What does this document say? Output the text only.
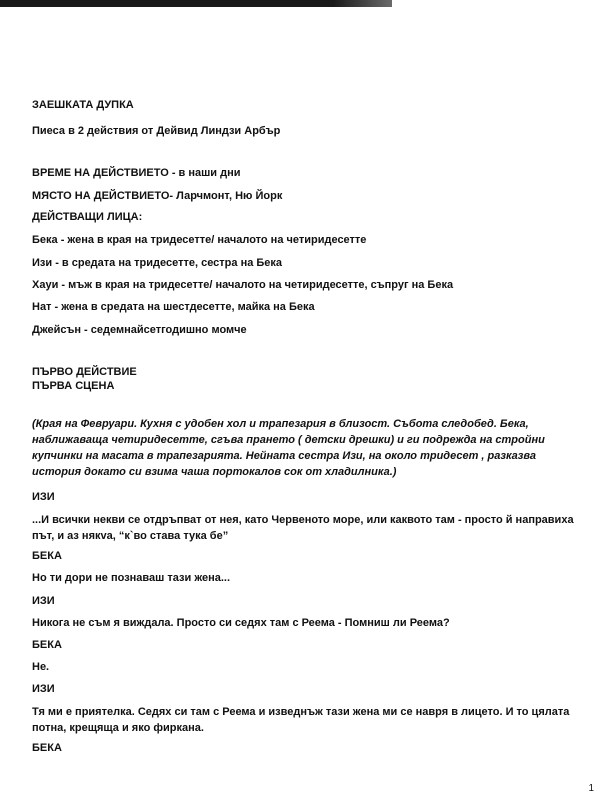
ЗАЕШКАТА ДУПКА
Пиеса в 2 действия от Дейвид Линдзи Арбър
ВРЕМЕ НА ДЕЙСТВИЕТО - в наши дни
МЯСТО НА ДЕЙСТВИЕТО- Ларчмонт, Ню Йорк
ДЕЙСТВАЩИ ЛИЦА:
Бека - жена в края на тридесетте/ началото на четиридесетте
Изи - в средата на тридесетте, сестра на Бека
Хауи - мъж в края на тридесетте/ началото на четиридесетте, съпруг на Бека
Нат - жена в средата на шестдесетте, майка на Бека
Джейсън - седемнайсетгодишно момче
ПЪРВО ДЕЙСТВИЕ
ПЪРВА СЦЕНА
(Края на Февруари. Кухня с удобен хол и трапезария в близост. Събота следобед. Бека, наближаваща четиридесетте, сгъва прането ( детски дрешки) и ги подрежда на стройни купчинки на масата в трапезарията. Нейната сестра Изи, на около тридесет , разказва история докато си взима чаша портокалов сок от хладилника.)
ИЗИ
...И всички некви се отдръпват от нея, като Червеното море, или каквото там - просто й направиха път, и аз някva, “к`во става тука бе”
БЕКА
Но ти дори не познаваш тази жена...
ИЗИ
Никога не съм я виждала. Просто си седях там с Реема - Помниш ли Реема?
БЕКА
Не.
ИЗИ
Тя ми е приятелка. Седях си там с Реема и изведнъж тази жена ми се навря в лицето. И то цялата потна, крещяща и яко фиркана.
БЕКА
1
